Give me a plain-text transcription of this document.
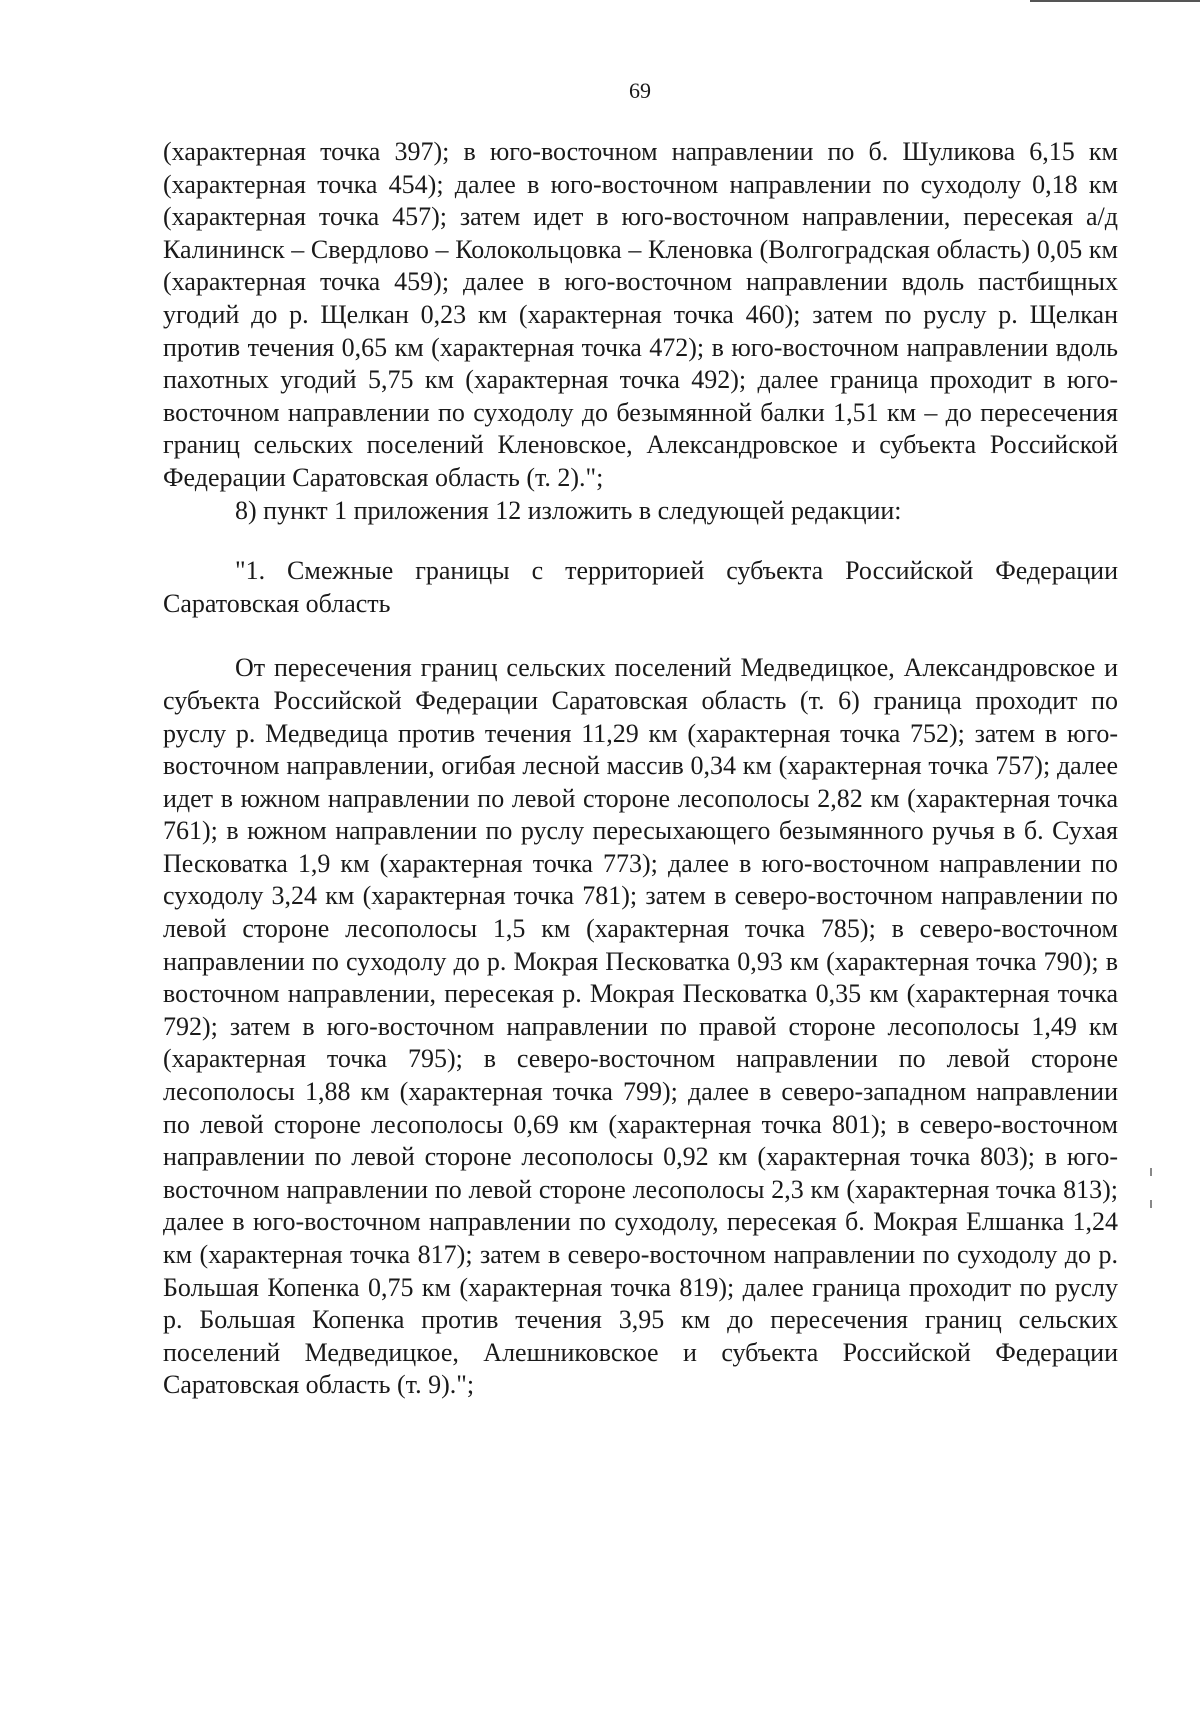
69

(характерная точка 397); в юго-восточном направлении по б. Шуликова 6,15 км (характерная точка 454); далее в юго-восточном направлении по суходолу 0,18 км (характерная точка 457); затем идет в юго-восточном направлении, пересекая а/д Калининск – Свердлово – Колокольцовка – Кленовка (Волгоградская область) 0,05 км (характерная точка 459); далее в юго-восточном направлении вдоль пастбищных угодий до р. Щелкан 0,23 км (характерная точка 460); затем по руслу р. Щелкан против течения 0,65 км (характерная точка 472); в юго-восточном направлении вдоль пахотных угодий 5,75 км (характерная точка 492); далее граница проходит в юго-восточном направлении по суходолу до безымянной балки 1,51 км – до пересечения границ сельских поселений Кленовское, Александровское и субъекта Российской Федерации Саратовская область (т. 2).";

8) пункт 1 приложения 12 изложить в следующей редакции:

"1. Смежные границы с территорией субъекта Российской Федерации Саратовская область

От пересечения границ сельских поселений Медведицкое, Александровское и субъекта Российской Федерации Саратовская область (т. 6) граница проходит по руслу р. Медведица против течения 11,29 км (характерная точка 752); затем в юго-восточном направлении, огибая лесной массив 0,34 км (характерная точка 757); далее идет в южном направлении по левой стороне лесополосы 2,82 км (характерная точка 761); в южном направлении по руслу пересыхающего безымянного ручья в б. Сухая Песковатка 1,9 км (характерная точка 773); далее в юго-восточном направлении по суходолу 3,24 км (характерная точка 781); затем в северо-восточном направлении по левой стороне лесополосы 1,5 км (характерная точка 785); в северо-восточном направлении по суходолу до р. Мокрая Песковатка 0,93 км (характерная точка 790); в восточном направлении, пересекая р. Мокрая Песковатка 0,35 км (характерная точка 792); затем в юго-восточном направлении по правой стороне лесополосы 1,49 км (характерная точка 795); в северо-восточном направлении по левой стороне лесополосы 1,88 км (характерная точка 799); далее в северо-западном направлении по левой стороне лесополосы 0,69 км (характерная точка 801); в северо-восточном направлении по левой стороне лесополосы 0,92 км (характерная точка 803); в юго-восточном направлении по левой стороне лесополосы 2,3 км (характерная точка 813); далее в юго-восточном направлении по суходолу, пересекая б. Мокрая Елшанка 1,24 км (характерная точка 817); затем в северо-восточном направлении по суходолу до р. Большая Копенка 0,75 км (характерная точка 819); далее граница проходит по руслу р. Большая Копенка против течения 3,95 км до пересечения границ сельских поселений Медведицкое, Алешниковское и субъекта Российской Федерации Саратовская область (т. 9).";
